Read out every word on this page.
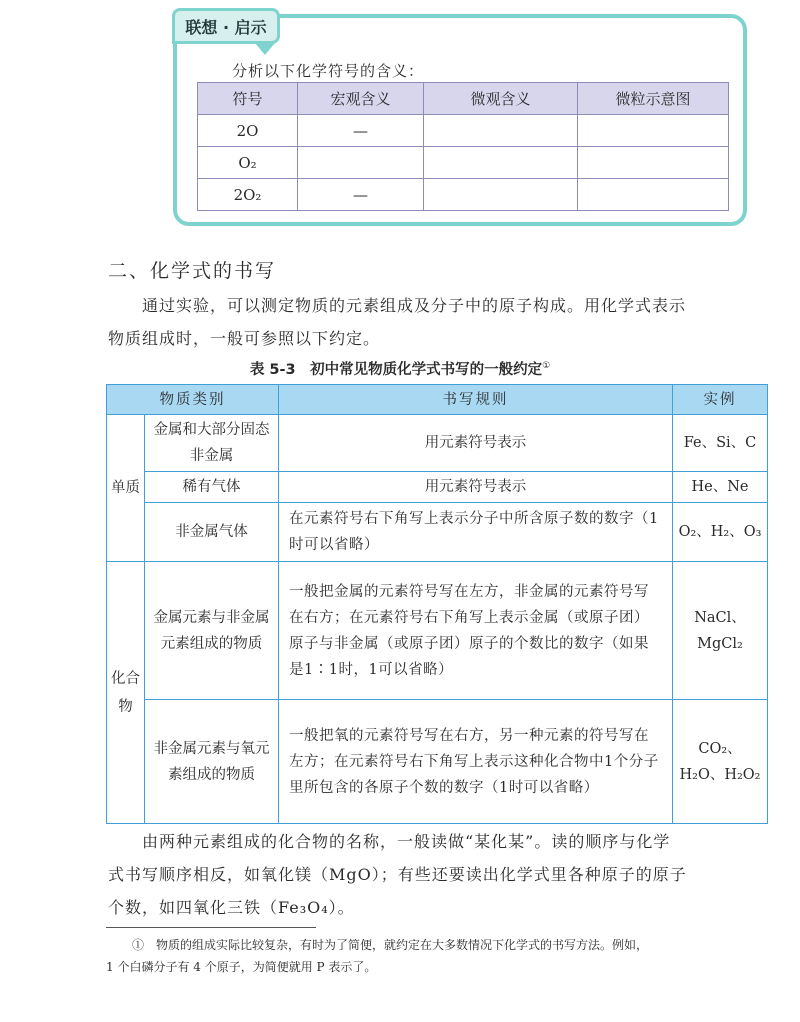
联想 · 启示
分析以下化学符号的含义：
符号	宏观含义	微观含义	微粒示意图
2O	—		
O₂			
2O₂	—		
二、化学式的书写
通过实验，可以测定物质的元素组成及分子中的原子构成。用化学式表示
物质组成时，一般可参照以下约定。
表 5-3　初中常见物质化学式书写的一般约定①
物质类别		书写规则	实例
单质	金属和大部分固态非金属	用元素符号表示	Fe、Si、C
	稀有气体	用元素符号表示	He、Ne
	非金属气体	在元素符号右下角写上表示分子中所含原子数的数字（1时可以省略）	O₂、H₂、O₃
化合物	金属元素与非金属元素组成的物质	一般把金属的元素符号写在左方，非金属的元素符号写在右方；在元素符号右下角写上表示金属（或原子团）原子与非金属（或原子团）原子的个数比的数字（如果是1∶1时，1可以省略）	NaCl、MgCl₂
	非金属元素与氧元素组成的物质	一般把氧的元素符号写在右方，另一种元素的符号写在左方；在元素符号右下角写上表示这种化合物中1个分子里所包含的各原子个数的数字（1时可以省略）	CO₂、H₂O、H₂O₂
由两种元素组成的化合物的名称，一般读做“某化某”。读的顺序与化学
式书写顺序相反，如氧化镁（MgO）；有些还要读出化学式里各种原子的原子
个数，如四氧化三铁（Fe₃O₄）。
①　物质的组成实际比较复杂，有时为了简便，就约定在大多数情况下化学式的书写方法。例如，
1 个白磷分子有 4 个原子，为简便就用 P 表示了。
